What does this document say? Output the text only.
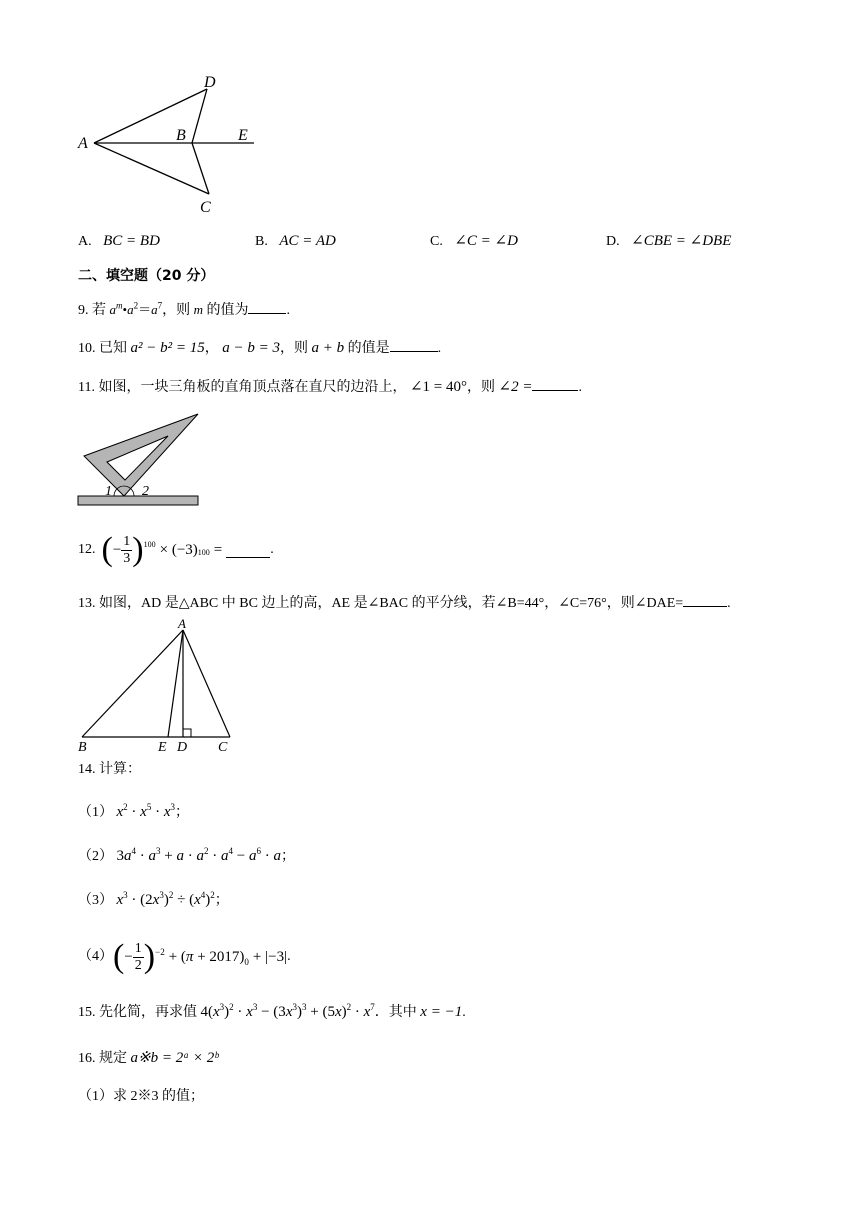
A
D
B	E
C
A. BC = BD	B. AC = AD	C. ∠C = ∠D	D. ∠CBE = ∠DBE
二、填空题（20 分）
9. 若 $a^m•a^2=a^7$，则 m 的值为	.
10. 已知 a² − b² = 15， a − b = 3，则 a + b 的值是	.
11. 如图，一块三角板的直角顶点落在直尺的边沿上， ∠1 = 40°，则 ∠2 =	.
1 2
12. ( − $\frac{1}{3}$ ) 100 × (−3) 100 =	.
13. 如图，AD 是△ABC 中 BC 边上的高，AE 是∠BAC 的平分线，若∠B=44°，∠C=76°，则∠DAE=	.
A
B	E D C
14. 计算：
（1） $x^2 \cdot x^5 \cdot x^3$；
（2） $3a^4 \cdot a^3 + a \cdot a^2 \cdot a^4 - a^6 \cdot a$；
（3） $x^3 \cdot (2x^3)^2 \div (x^4)^2$；
（4） ( − $\frac{1}{2}$ ) −2 + (π + 2017) 0 + |−3| .
15. 先化简，再求值 $4(x^3)^2 \cdot x^3 - (3x^3)^3 + (5x)^2 \cdot x^7$．其中 x = −1.
16. 规定 a※b = 2ᵃ × 2ᵇ
（1）求 2※3 的值；
